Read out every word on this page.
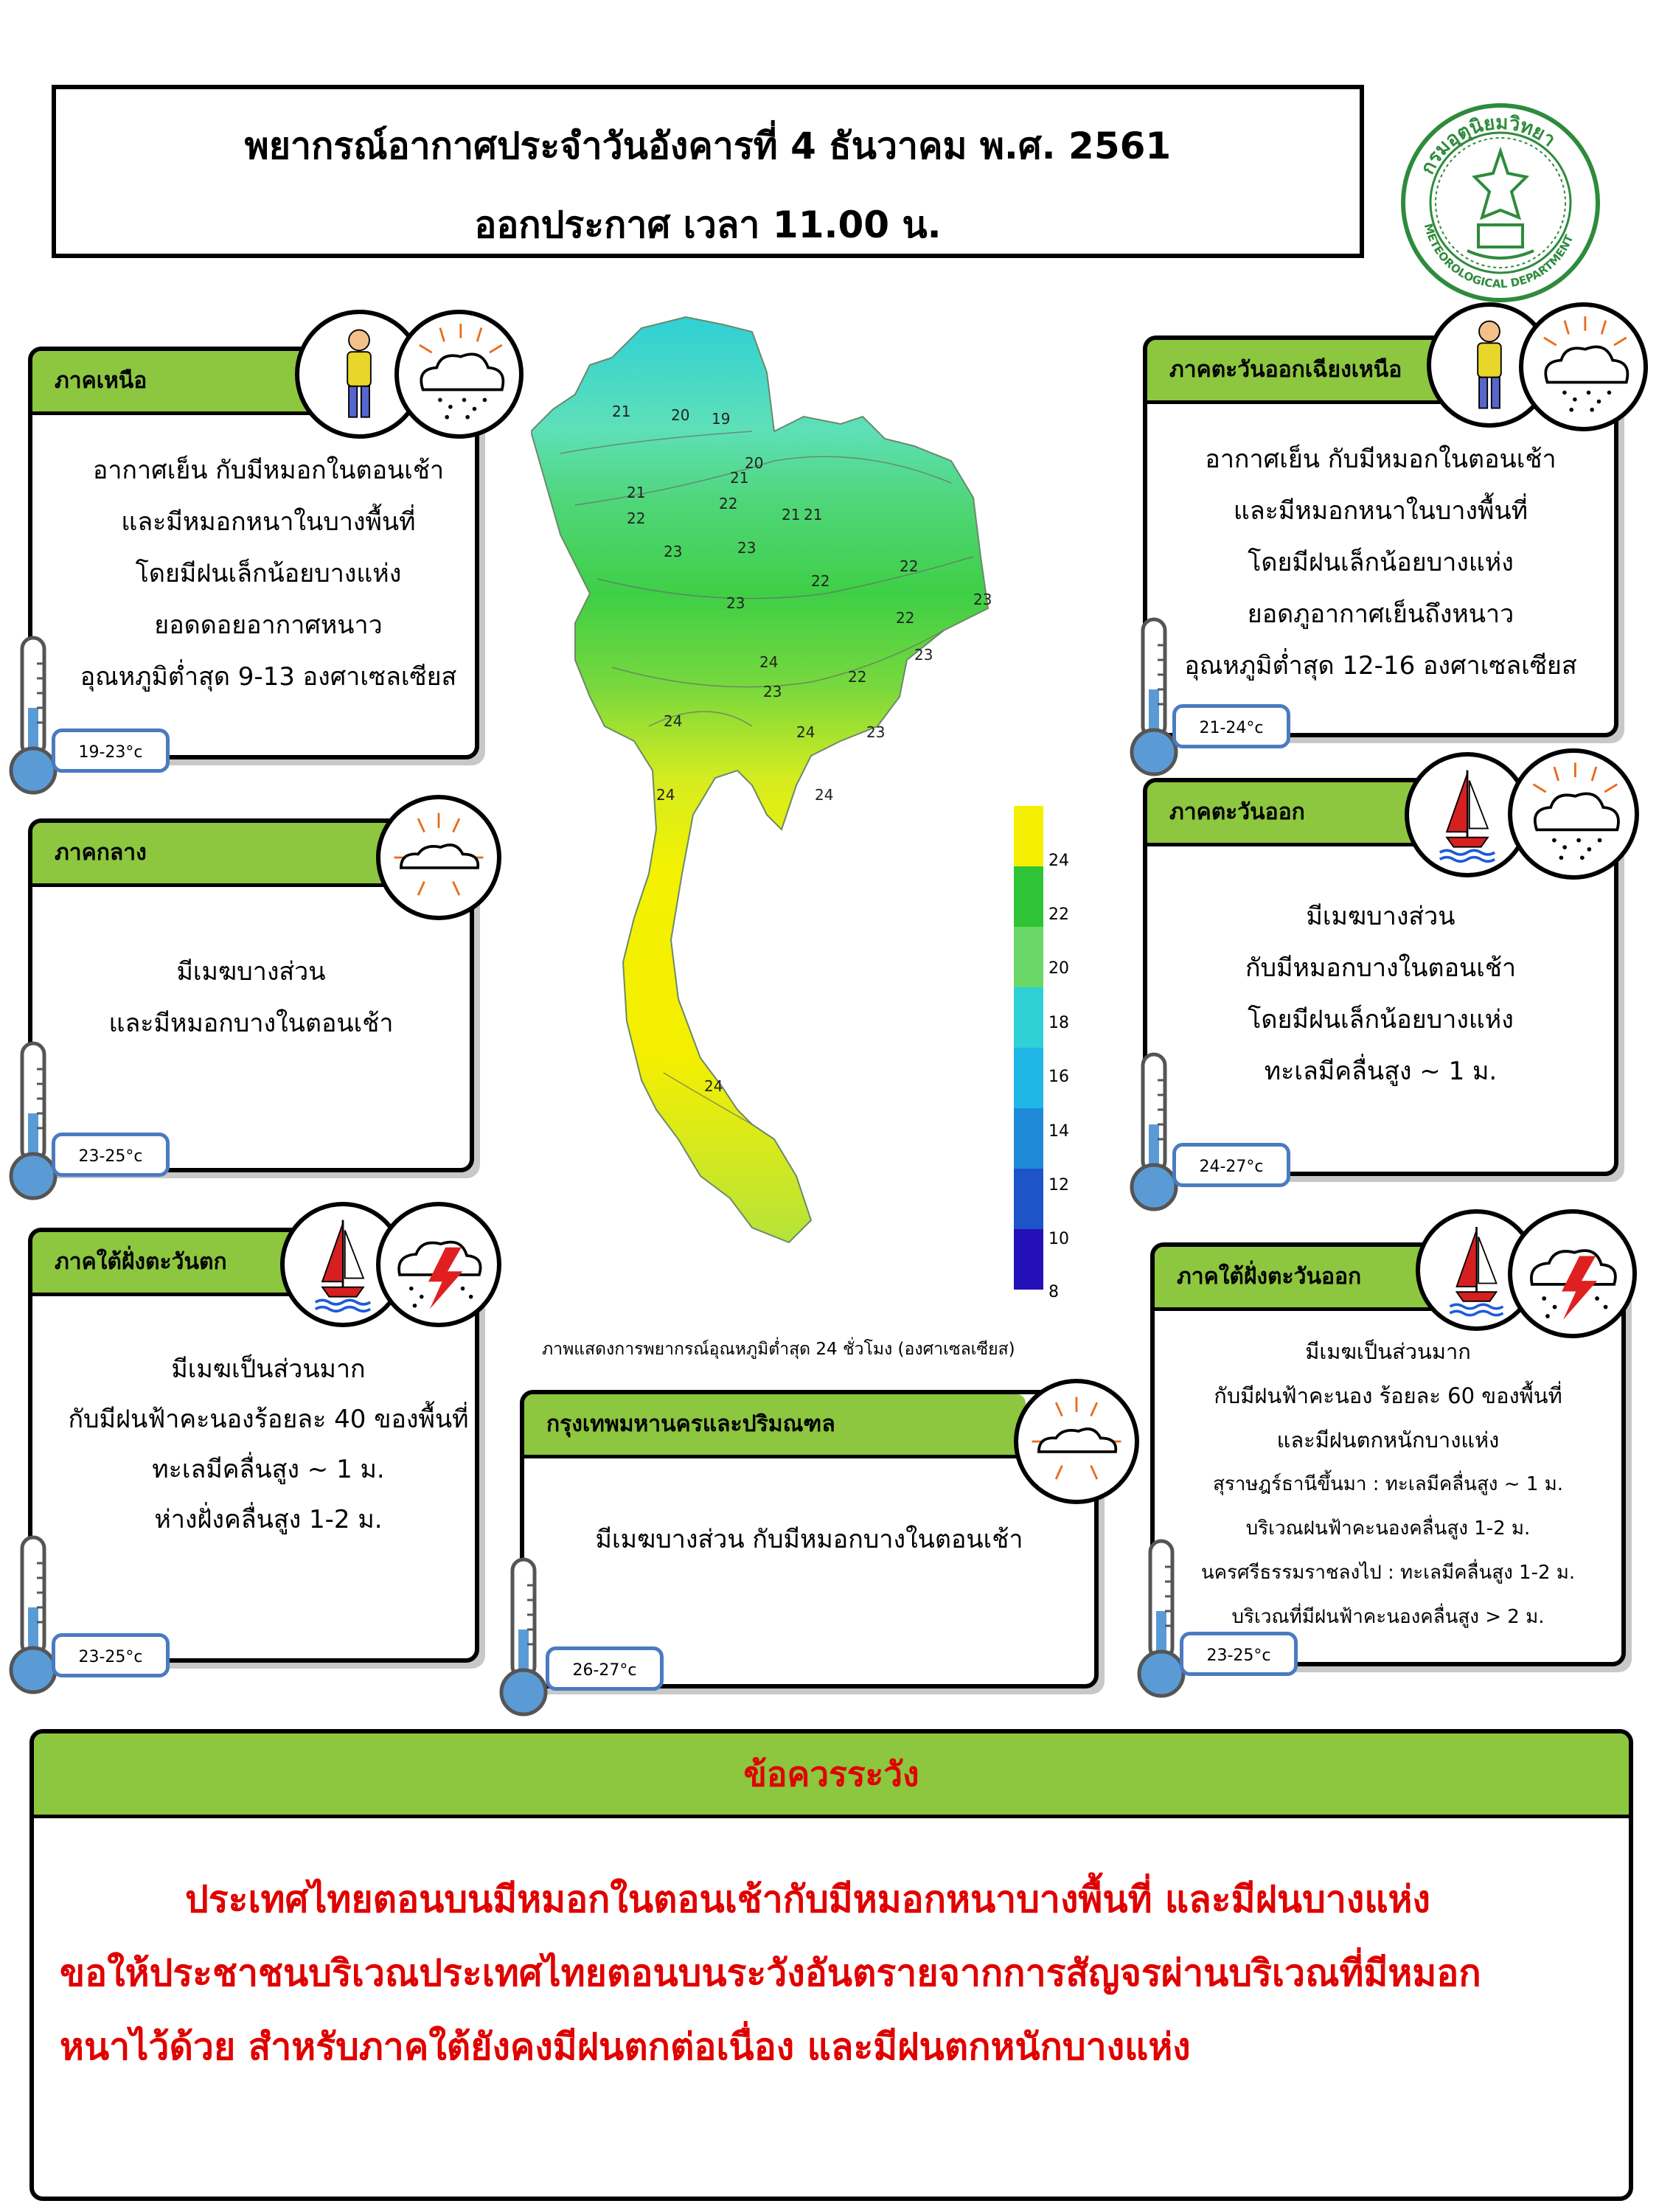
พยากรณ์อากาศประจำวันอังคารที่ 4 ธันวาคม พ.ศ. 2561
ออกประกาศ เวลา 11.00 น.
กรมอุตุนิยมวิทยา
METEOROLOGICAL DEPARTMENT
ภาคเหนือ
อากาศเย็น กับมีหมอกในตอนเช้า
และมีหมอกหนาในบางพื้นที่
โดยมีฝนเล็กน้อยบางแห่ง
ยอดดอยอากาศหนาว
อุณหภูมิต่ำสุด 9-13 องศาเซลเซียส
19-23°c
ภาคกลาง
มีเมฆบางส่วน
และมีหมอกบางในตอนเช้า
23-25°c
ภาคใต้ฝั่งตะวันตก
มีเมฆเป็นส่วนมาก
กับมีฝนฟ้าคะนองร้อยละ 40 ของพื้นที่
ทะเลมีคลื่นสูง ~ 1 ม.
ห่างฝั่งคลื่นสูง 1-2 ม.
23-25°c
กรุงเทพมหานครและปริมณฑล
มีเมฆบางส่วน กับมีหมอกบางในตอนเช้า
26-27°c
ภาคตะวันออกเฉียงเหนือ
อากาศเย็น กับมีหมอกในตอนเช้า
และมีหมอกหนาในบางพื้นที่
โดยมีฝนเล็กน้อยบางแห่ง
ยอดภูอากาศเย็นถึงหนาว
อุณหภูมิต่ำสุด 12-16 องศาเซลเซียส
21-24°c
ภาคตะวันออก
มีเมฆบางส่วน
กับมีหมอกบางในตอนเช้า
โดยมีฝนเล็กน้อยบางแห่ง
ทะเลมีคลื่นสูง ~ 1 ม.
24-27°c
ภาคใต้ฝั่งตะวันออก
มีเมฆเป็นส่วนมาก
กับมีฝนฟ้าคะนอง ร้อยละ 60 ของพื้นที่
และมีฝนตกหนักบางแห่ง
สุราษฎร์ธานีขึ้นมา : ทะเลมีคลื่นสูง ~ 1 ม.
บริเวณฝนฟ้าคะนองคลื่นสูง 1-2 ม.
นครศรีธรรมราชลงไป : ทะเลมีคลื่นสูง 1-2 ม.
บริเวณที่มีฝนฟ้าคะนองคลื่นสูง > 2 ม.
23-25°c
21	20 19
20
21
21
21
21
22
22
23	23
22
22
22
23
23
22
23
24
23
24
24
23
24
24
24
24
22
20
18
16
14
12
10
8
ภาพแสดงการพยากรณ์อุณหภูมิต่ำสุด 24 ชั่วโมง (องศาเซลเซียส)
ข้อควรระวัง
ประเทศไทยตอนบนมีหมอกในตอนเช้ากับมีหมอกหนาบางพื้นที่ และมีฝนบางแห่ง
ขอให้ประชาชนบริเวณประเทศไทยตอนบนระวังอันตรายจากการสัญจรผ่านบริเวณที่มีหมอก
หนาไว้ด้วย สำหรับภาคใต้ยังคงมีฝนตกต่อเนื่อง และมีฝนตกหนักบางแห่ง
